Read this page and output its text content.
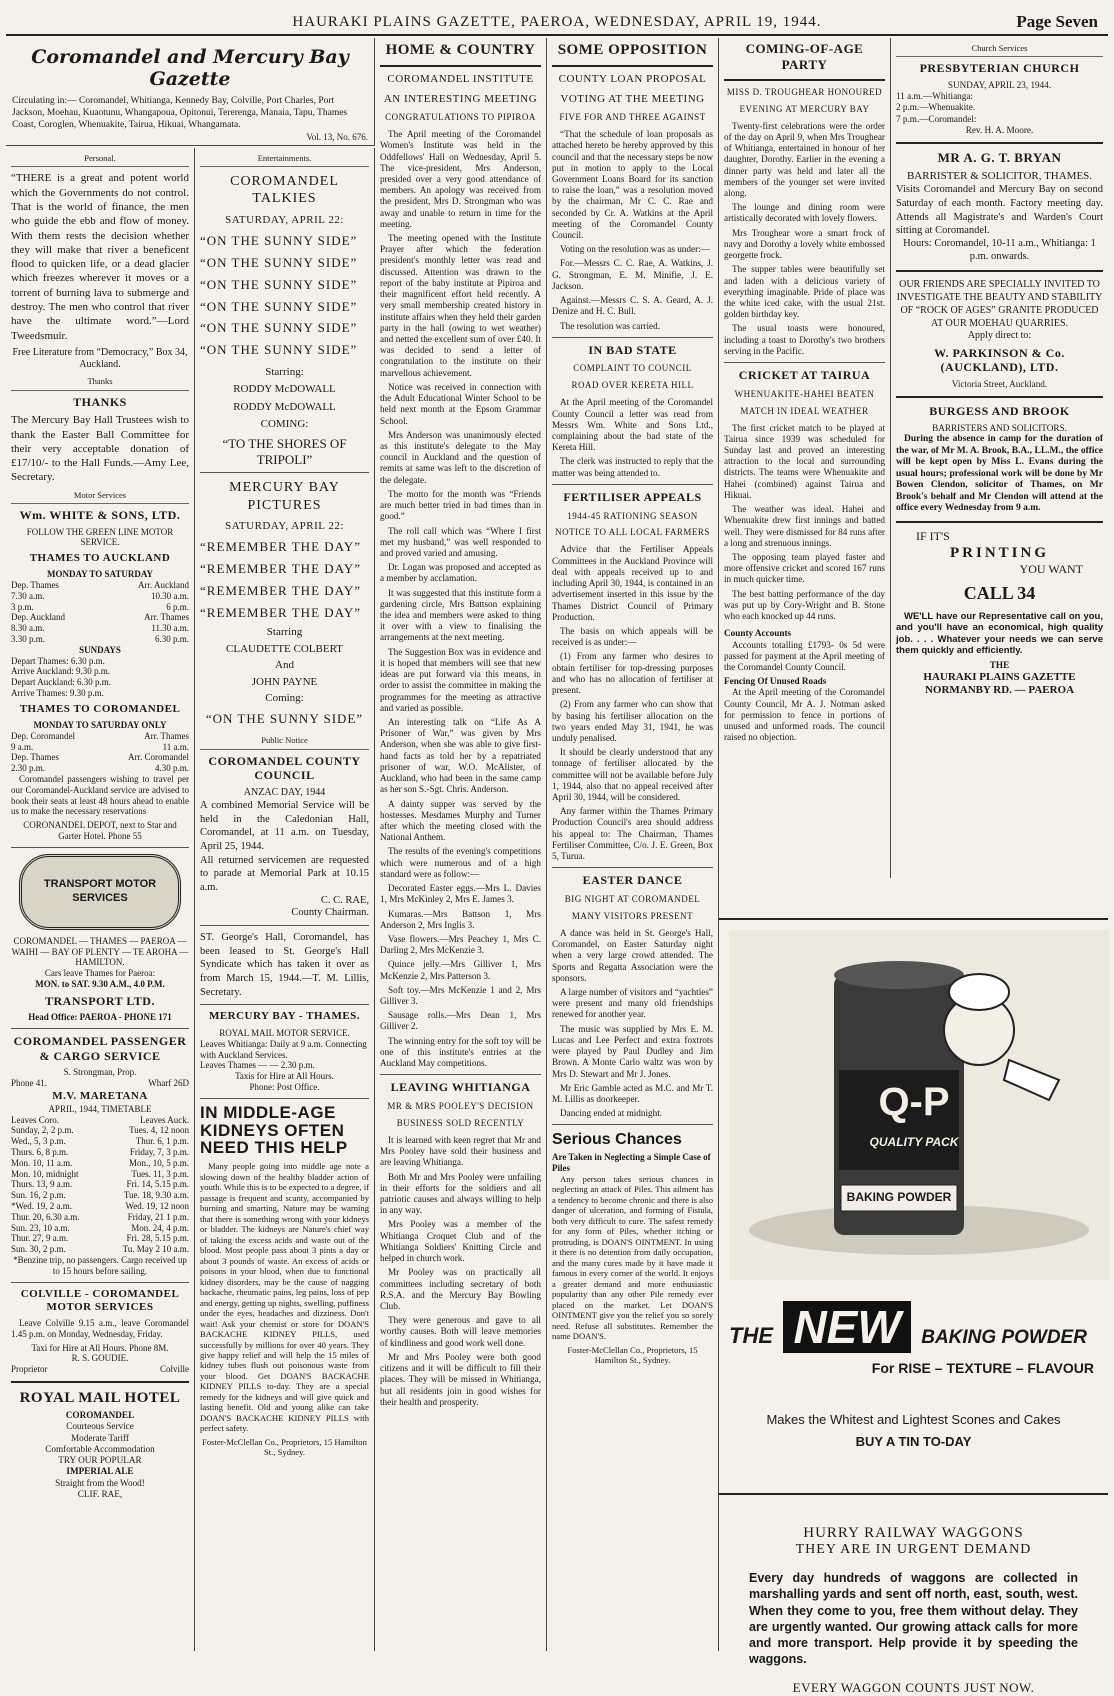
HAURAKI PLAINS GAZETTE, PAEROA, WEDNESDAY, APRIL 19, 1944.	Page Seven
Coromandel and Mercury Bay Gazette
Circulating in:— Coromandel, Whitianga, Kennedy Bay, Colville, Port Charles, Port Jackson, Moehau, Kuaotunu, Whangapoua, Opitonui, Tererenga, Manaia, Tapu, Thames Coast, Coroglen, Whenuakite, Tairua, Hikuai, Whangamata.
Vol. 13, No. 676.
Personal.
“THERE is a great and potent world which the Governments do not control. That is the world of finance, the men who guide the ebb and flow of money. With them rests the decision whether they will make that river a beneficent flood to quicken life, or a dead glacier which freezes wherever it moves or a torrent of burning lava to submerge and destroy. The men who control that river have the ultimate word.”—Lord Tweedsmuir.

Free Literature from “Democracy,” Box 34, Auckland.

Thanks
THANKS
The Mercury Bay Hall Trustees wish to thank the Easter Ball Committee for their very acceptable donation of £17/10/- to the Hall Funds.—Amy Lee, Secretary.
Motor Services
Wm. WHITE & SONS, LTD.
FOLLOW THE GREEN LINE MOTOR SERVICE.
THAMES TO AUCKLAND
MONDAY TO SATURDAY
Dep. Thames	Arr. Auckland
7.30 a.m.	10.30 a.m.
3 p.m.	6 p.m.
Dep. Auckland	Arr. Thames
8.30 a.m.	11.30 a.m.
3.30 p.m.	6.30 p.m.
SUNDAYS
Depart Thames: 6.30 p.m.
Arrive Auckland: 9.30 p.m.
Depart Auckland: 6.30 p.m.
Arrive Thames: 9.30 p.m.
THAMES TO COROMANDEL
MONDAY TO SATURDAY ONLY
Dep. Coromandel	Arr. Thames
9 a.m.	11 a.m.
Dep. Thames	Arr. Coromandel
2.30 p.m.	4.30 p.m.

Coromandel passengers wishing to travel per our Coromandel-Auckland service are advised to book their seats at least 48 hours ahead to enable us to make the necessary reservations

CORONANDEL DEPOT, next to Star and Garter Hotel. Phone 55

TRANSPORT MOTOR SERVICES
COROMANDEL — THAMES — PAEROA — WAIHI — BAY OF PLENTY — TE AROHA — HAMILTON.
Cars leave Thames for Paeroa:
MON. to SAT. 9.30 A.M., 4.0 P.M.
TRANSPORT LTD.
Head Office: PAEROA - PHONE 171
COROMANDEL PASSENGER & CARGO SERVICE
S. Strongman, Prop.
Phone 41.	Wharf 26D
M.V. MARETANA
APRIL, 1944, TIMETABLE
Leaves Coro.	Leaves Auck.
Sunday, 2, 2 p.m.	Tues. 4, 12 noon
Wed., 5, 3 p.m.	Thur. 6, 1 p.m.
Thurs. 6, 8 p.m.	Friday, 7, 3 p.m.
Mon. 10, 11 a.m.	Mon., 10, 5 p.m.
Mon. 10, midnight	Tues. 11, 3 p.m.
Thurs. 13, 9 a.m.	Fri. 14, 5.15 p.m.
Sun. 16, 2 p.m.	Tue. 18, 9.30 a.m.
*Wed. 19, 2 a.m.	Wed. 19, 12 noon
Thur. 20, 6.30 a.m.	Friday, 21 1 p.m.
Sun. 23, 10 a.m.	Mon. 24, 4 p.m.
Thur. 27, 9 a.m.	Fri. 28, 5.15 p.m.
Sun. 30, 2 p.m.	Tu. May 2 10 a.m.
*Benzine trip, no passengers. Cargo received up to 15 hours before sailing.
COLVILLE - COROMANDEL MOTOR SERVICES

Leave Colville 9.15 a.m., leave Coromandel 1.45 p.m. on Monday, Wednesday, Friday.

Taxi for Hire at All Hours. Phone 8M.
R. S. GOUDIE.
Proprietor	Colville
ROYAL MAIL HOTEL
COROMANDEL
Courteous Service
Moderate Tariff
Comfortable Accommodation
TRY OUR POPULAR
IMPERIAL ALE
Straight from the Wood!
CLIF. RAE,
Entertainments.
COROMANDEL TALKIES
SATURDAY, APRIL 22:
“ON THE SUNNY SIDE”
“ON THE SUNNY SIDE”
“ON THE SUNNY SIDE”
“ON THE SUNNY SIDE”
“ON THE SUNNY SIDE”
“ON THE SUNNY SIDE”
Starring:
RODDY McDOWALL
RODDY McDOWALL
COMING:
“TO THE SHORES OF TRIPOLI”
MERCURY BAY PICTURES
SATURDAY, APRIL 22:
“REMEMBER THE DAY”
“REMEMBER THE DAY”
“REMEMBER THE DAY”
“REMEMBER THE DAY”
Starring
CLAUDETTE COLBERT
And
JOHN PAYNE
Coming:
“ON THE SUNNY SIDE”
Public Notice
COROMANDEL COUNTY COUNCIL
ANZAC DAY, 1944
A combined Memorial Service will be held in the Caledonian Hall, Coromandel, at 11 a.m. on Tuesday, April 25, 1944.
All returned servicemen are requested to parade at Memorial Park at 10.15 a.m.
C. C. RAE,
County Chairman.
ST. George's Hall, Coromandel, has been leased to St. George's Hall Syndicate which has taken it over as from March 15, 1944.—T. M. Lillis, Secretary.
MERCURY BAY - THAMES.
ROYAL MAIL MOTOR SERVICE.
Leaves Whitianga: Daily at 9 a.m. Connecting with Auckland Services.
Leaves Thames — — 2.30 p.m.
Taxis for Hire at All Hours.
Phone: Post Office.
IN MIDDLE-AGE KIDNEYS OFTEN NEED THIS HELP

Many people going into middle age note a slowing down of the healthy bladder action of youth. While this is to be expected to a degree, if passage is frequent and scanty, accompanied by burning and smarting, Nature may be warning that there is something wrong with your kidneys or bladder. The kidneys are Nature's chief way of taking the excess acids and waste out of the blood. Most people pass about 3 pints a day or about 3 pounds of waste. An excess of acids or poisons in your blood, when due to functional kidney disorders, may be the cause of nagging backache, rheumatic pains, leg pains, loss of pep and energy, getting up nights, swelling, puffiness under the eyes, headaches and dizziness. Don't wait! Ask your chemist or store for DOAN'S BACKACHE KIDNEY PILLS, used successfully by millions for over 40 years. They give happy relief and will help the 15 miles of kidney tubes flush out poisonous waste from your blood. Get DOAN'S BACKACHE KIDNEY PILLS to-day. They are a special remedy for the kidneys and will give quick and lasting benefit. Old and young alike can take DOAN'S BACKACHE KIDNEY PILLS with perfect safety.

Foster-McClellan Co., Proprietors, 15 Hamilton St., Sydney.
HOME & COUNTRY
COROMANDEL INSTITUTE
AN INTERESTING MEETING
CONGRATULATIONS TO PIPIROA

The April meeting of the Coromandel Women's Institute was held in the Oddfellows' Hall on Wednesday, April 5. The vice-president, Mrs Anderson, presided over a very good attendance of members. An apology was received from the president, Mrs D. Strongman who was away and unable to return in time for the meeting.

The meeting opened with the Institute Prayer after which the federation president's monthly letter was read and discussed. Attention was drawn to the report of the baby institute at Pipiroa and their magnificent effort held recently. A very small membership created history in institute affairs when they held their garden party in the hall (owing to wet weather) and netted the excellent sum of over £40. It was decided to send a letter of congratulation to the institute on their marvellous achievement.

Notice was received in connection with the Adult Educational Winter School to be held next month at the Epsom Grammar School.

Mrs Anderson was unanimously elected as this institute's delegate to the May council in Auckland and the question of remits at same was left to the discretion of the delegate.

The motto for the month was “Friends are much better tried in bad times than in good.”

The roll call which was “Where I first met my husband,” was well responded to and proved varied and amusing.

Dr. Logan was proposed and accepted as a member by acclamation.

It was suggested that this institute form a gardening circle, Mrs Battson explaining the idea and members were asked to thing it over with a view to finalising the arrangements at the next meeting.

The Suggestion Box was in evidence and it is hoped that members will see that new ideas are put forward via this means, in order to assist the committee in making the programmes for the meeting as attractive and varied as possible.

An interesting talk on “Life As A Prisoner of War,” was given by Mrs Anderson, when she was able to give first-hand facts as told her by a repatriated prisoner of war, W.O. McAlister, of Auckland, who had been in the same camp as her son S.-Sgt. Chris. Anderson.

A dainty supper was served by the hostesses. Mesdames Murphy and Turner after which the meeting closed with the National Anthem.

The results of the evening's competitions which were numerous and of a high standard were as follow:—

Decorated Easter eggs.—Mrs L. Davies 1, Mrs McKinley 2, Mrs E. James 3.

Kumaras.—Mrs Battson 1, Mrs Anderson 2, Mrs Inglis 3.

Vase flowers.—Mrs Peachey 1, Mrs C. Darling 2, Mrs McKenzie 3.

Quince jelly.—Mrs Gilliver 1, Mrs McKenzie 2, Mrs Patterson 3.

Soft toy.—Mrs McKenzie 1 and 2, Mrs Gilliver 3.

Sausage rolls.—Mrs Dean 1, Mrs Gilliver 2.

The winning entry for the soft toy will be one of this institute's entries at the Auckland May competitions.

LEAVING WHITIANGA
MR & MRS POOLEY'S DECISION
BUSINESS SOLD RECENTLY

It is learned with keen regret that Mr and Mrs Pooley have sold their business and are leaving Whitianga.

Both Mr and Mrs Pooley were unfailing in their efforts for the soldiers and all patriotic causes and always willing to help in any way.

Mrs Pooley was a member of the Whitianga Croquet Club and of the Whitianga Soldiers' Knitting Circle and helped in church work.

Mr Pooley was on practically all committees including secretary of both R.S.A. and the Mercury Bay Bowling Club.

They were generous and gave to all worthy causes. Both will leave memories of kindliness and good work well done.

Mr and Mrs Pooley were both good citizens and it will be difficult to fill their places. They will be missed in Whitianga, but all residents join in good wishes for their health and prosperity.

SOME OPPOSITION
COUNTY LOAN PROPOSAL
VOTING AT THE MEETING
FIVE FOR AND THREE AGAINST

“That the schedule of loan proposals as attached hereto be hereby approved by this council and that the necessary steps be now put in motion to apply to the Local Government Loans Board for its sanction to raise the loan,” was a resolution moved by the chairman, Mr C. C. Rae and seconded by Cr. A. Watkins at the April meeting of the Coromandel County Council.

Voting on the resolution was as under:—

For.—Messrs C. C. Rae, A. Watkins, J. G. Strongman, E. M. Minifie, J. E. Jackson.

Against.—Messrs C. S. A. Geard, A. J. Denize and H. C. Bull.

The resolution was carried.

IN BAD STATE
COMPLAINT TO COUNCIL
ROAD OVER KERETA HILL

At the April meeting of the Coromandel County Council a letter was read from Messrs Wm. White and Sons Ltd., complaining about the bad state of the Kereta Hill.

The clerk was instructed to reply that the matter was being attended to.

FERTILISER APPEALS
1944-45 RATIONING SEASON
NOTICE TO ALL LOCAL FARMERS

Advice that the Fertiliser Appeals Committees in the Auckland Province will deal with appeals received up to and including April 30, 1944, is contained in an advertisement inserted in this issue by the Thames District Council of Primary Production.

The basis on which appeals will be received is as under:—

(1) From any farmer who desires to obtain fertiliser for top-dressing purposes and who has no allocation of fertiliser at present.

(2) From any farmer who can show that by basing his fertiliser allocation on the two years ended May 31, 1941, he was unduly penalised.

It should be clearly understood that any tonnage of fertiliser allocated by the committee will not be available before July 1, 1944, also that no appeal received after April 30, 1944, will be considered.

Any farmer within the Thames Primary Production Council's area should address his appeal to: The Chairman, Thames Fertiliser Committee, C/o. J. E. Green, Box 5, Turua.

EASTER DANCE
BIG NIGHT AT COROMANDEL
MANY VISITORS PRESENT

A dance was held in St. George's Hall, Coromandel, on Easter Saturday night when a very large crowd attended. The Sports and Regatta Association were the sponsors.

A large number of visitors and “yachties” were present and many old friendships renewed for another year.

The music was supplied by Mrs E. M. Lucas and Lee Perfect and extra foxtrots were played by Paul Dudley and Jim Brown. A Monte Carlo waltz was won by Mrs D. Stewart and Mr J. Jones.

Mr Eric Gamble acted as M.C. and Mr T. M. Lillis as doorkeeper.

Dancing ended at midnight.

Serious Chances
Are Taken in Neglecting a Simple Case of Piles

Any person takes serious chances in neglecting an attack of Piles. This ailment has a tendency to become chronic and there is also danger of ulceration, and forming of Fistula, both very difficult to cure. The safest remedy for any form of Piles, whether itching or protruding, is DOAN'S OINTMENT. In using it there is no detention from daily occupation, and the many cures made by it have made it famous in every corner of the world. It enjoys a greater demand and more enthusiastic popularity than any other Pile remedy ever placed on the market. Let DOAN'S OINTMENT give you the relief you so sorely need. Refuse all substitutes. Remember the name DOAN'S.

Foster-McClellan Co., Proprietors, 15 Hamilton St., Sydney.
COMING-OF-AGE PARTY
MISS D. TROUGHEAR HONOURED
EVENING AT MERCURY BAY

Twenty-first celebrations were the order of the day on April 9, when Mrs Troughear of Whitianga, entertained in honour of her daughter, Dorothy. Earlier in the evening a dinner party was held and later all the members of the younger set were invited along.

The lounge and dining room were artistically decorated with lovely flowers.

Mrs Troughear wore a smart frock of navy and Dorothy a lovely white embossed georgette frock.

The supper tables were beautifully set and laden with a delicious variety of everything imaginable. Pride of place was the white iced cake, with the usual 21st. golden birthday key.

The usual toasts were honoured, including a toast to Dorothy's two brothers serving in the Pacific.

CRICKET AT TAIRUA
WHENUAKITE-HAHEI BEATEN
MATCH IN IDEAL WEATHER

The first cricket match to be played at Tairua since 1939 was scheduled for Sunday last and proved an interesting attraction to the local and surrounding districts. The teams were Whenuakite and Hahei (combined) against Tairua and Hikuai.

The weather was ideal. Hahei and Whenuakite drew first innings and batted well. They were dismissed for 84 runs after a long and strenuous innings.

The opposing team played faster and more offensive cricket and scored 167 runs in much quicker time.

The best batting performance of the day was put up by Cory-Wright and B. Stone who each knocked up 44 runs.

County Accounts

Accounts totalling £1793- 0s 5d were passed for payment at the April meeting of the Coromandel County Council.

Fencing Of Unused Roads

At the April meeting of the Coromandel County Council, Mr A. J. Notman asked for permission to fence in portions of unused and unformed roads. The council raised no objection.

Church Services
PRESBYTERIAN CHURCH
SUNDAY, APRIL 23, 1944.
11 a.m.—Whitianga:
2 p.m.—Whenuakite.
7 p.m.—Coromandel:
Rev. H. A. Moore.
MR A. G. T. BRYAN
BARRISTER & SOLICITOR, THAMES.
Visits Coromandel and Mercury Bay on second Saturday of each month. Factory meeting day. Attends all Magistrate's and Warden's Court sitting at Coromandel.
Hours: Coromandel, 10-11 a.m., Whitianga: 1 p.m. onwards.
OUR FRIENDS ARE SPECIALLY INVITED TO INVESTIGATE THE BEAUTY AND STABILITY OF “ROCK OF AGES” GRANITE PRODUCED AT OUR MOEHAU QUARRIES.
Apply direct to:
W. PARKINSON & Co. (AUCKLAND), LTD.
Victoria Street, Auckland.
BURGESS AND BROOK
BARRISTERS AND SOLICITORS.

During the absence in camp for the duration of the war, of Mr M. A. Brook, B.A., LL.M., the office will be kept open by Miss L. Evans during the usual hours; professional work will be done by Mr Bowen Clendon, solicitor of Thames, on Mr Brook's behalf and Mr Clendon will attend at the office every Wednesday from 9 a.m.

IF IT'S
PRINTING
YOU WANT
CALL 34

WE'LL have our Representative call on you, and you'll have an economical, high quality job. . . . Whatever your needs we can serve them quickly and efficiently.

THE
HAURAKI PLAINS GAZETTE
NORMANBY RD. — PAEROA
Q-P
QUALITY PACK
BAKING POWDER
THE NEW BAKING POWDER
For RISE – TEXTURE – FLAVOUR
Makes the Whitest and Lightest Scones and Cakes
BUY A TIN TO-DAY
HURRY RAILWAY WAGGONS
THEY ARE IN URGENT DEMAND
Every day hundreds of waggons are collected in marshalling yards and sent off north, east, south, west. When they come to you, free them without delay. They are urgently wanted. Our growing attack calls for more and more transport. Help provide it by speeding the waggons.
EVERY WAGGON COUNTS JUST NOW.
